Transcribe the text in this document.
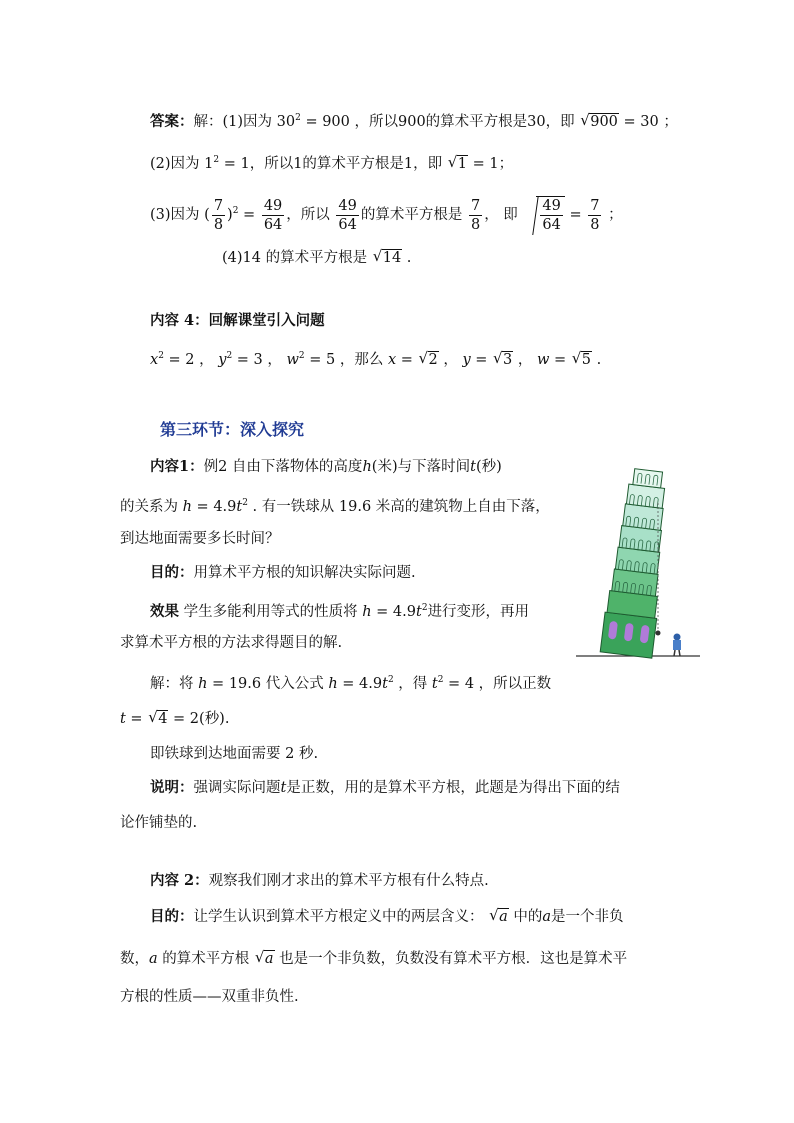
答案：解：(1)因为 $30^2 = 900$ ，所以900的算术平方根是30，即 √ 900 = 30 ；
(2)因为 $1^2 = 1$，所以1的算术平方根是1，即 √ 1 = 1；
(3)因为 ( $\frac{7}{8} )^2 = \frac{49}{64}$ ，所以 $\frac{49}{64}$ 的算术平方根是 $\frac{7}{8}$ ， 即 $\frac{49}{64} = \frac{7}{8}$ ；
(4)14 的算术平方根是 √ 14 .
内容 4：回解课堂引入问题
$x^2 = 2$ ， $y^2 = 3$ ， $w^2 = 5$ ，那么 x = √ 2 ， y = √ 3 ， w = √ 5 .
第三环节：深入探究
内容1：例2 自由下落物体的高度h(米)与下落时间t(秒)
的关系为 $h = 4.9t^2$ . 有一铁球从 19.6 米高的建筑物上自由下落，
到达地面需要多长时间？
目的：用算术平方根的知识解决实际问题.
效果 学生多能利用等式的性质将 $h = 4.9t^2$进行变形，再用
求算术平方根的方法求得题目的解.
解：将 h = 19.6 代入公式 $h = 4.9t^2$ ，得 $t^2 = 4$ ，所以正数
t = √ 4 = 2(秒).
即铁球到达地面需要 2 秒.
说明：强调实际问题t是正数，用的是算术平方根，此题是为得出下面的结
论作铺垫的.
内容 2：观察我们刚才求出的算术平方根有什么特点.
目的：让学生认识到算术平方根定义中的两层含义： √ a 中的a是一个非负
数，a 的算术平方根 √ a 也是一个非负数，负数没有算术平方根．这也是算术平
方根的性质——双重非负性.
